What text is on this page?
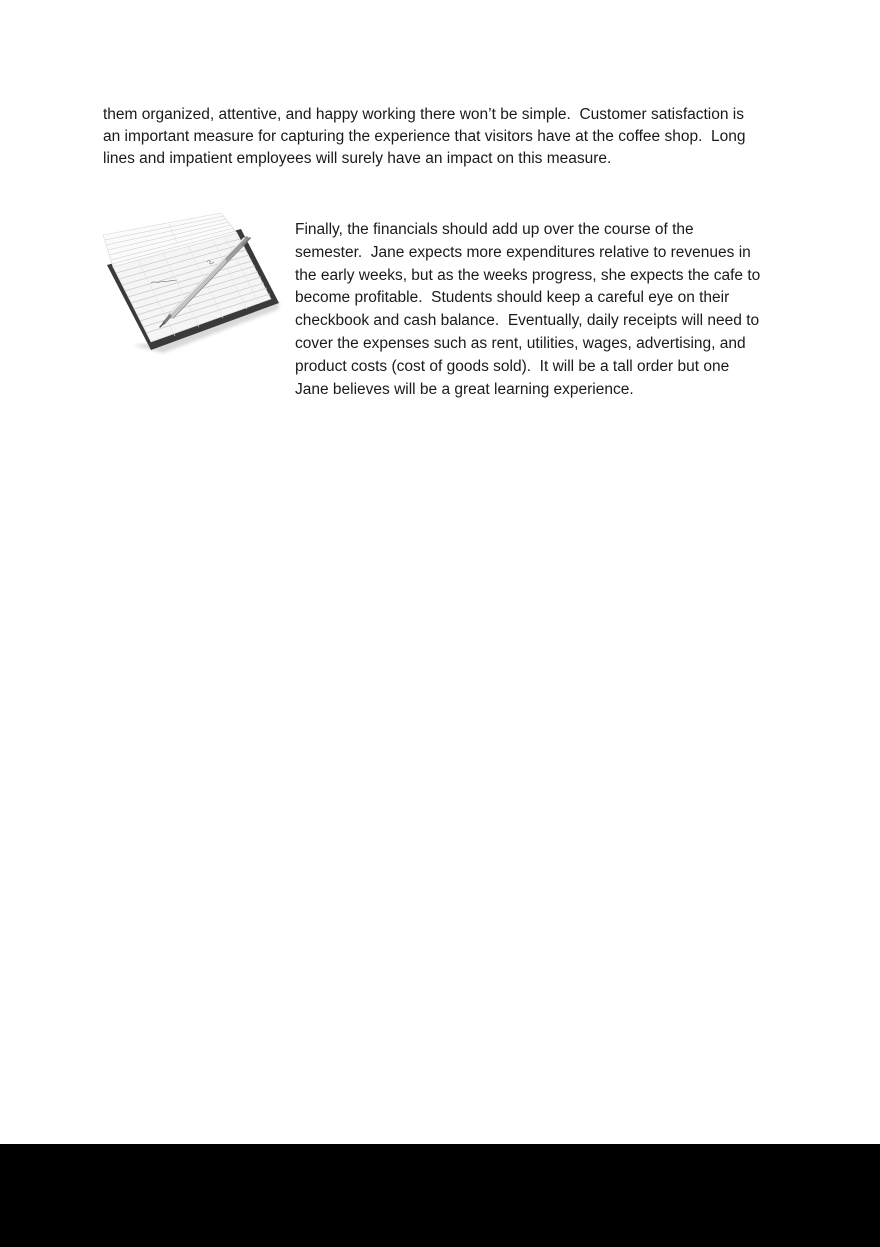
them organized, attentive, and happy working there won’t be simple.  Customer satisfaction is
an important measure for capturing the experience that visitors have at the coffee shop.  Long
lines and impatient employees will surely have an impact on this measure.
Finally, the financials should add up over the course of the
semester.  Jane expects more expenditures relative to revenues in
the early weeks, but as the weeks progress, she expects the cafe to
become profitable.  Students should keep a careful eye on their
checkbook and cash balance.  Eventually, daily receipts will need to
cover the expenses such as rent, utilities, wages, advertising, and
product costs (cost of goods sold).  It will be a tall order but one
Jane believes will be a great learning experience.
